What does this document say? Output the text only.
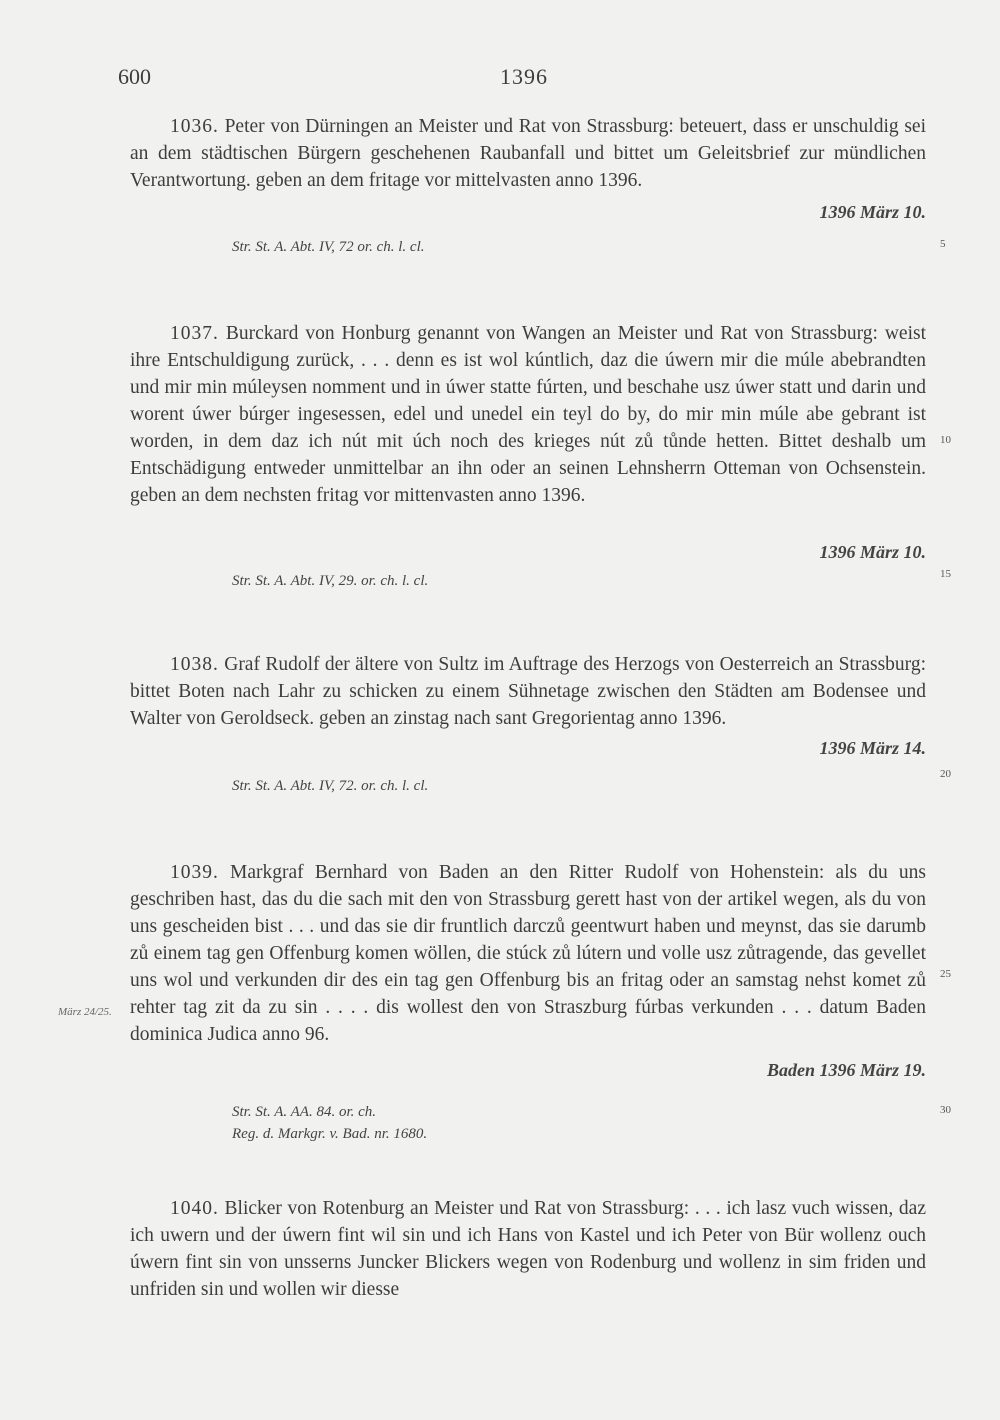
600	1396
1036. Peter von Dürningen an Meister und Rat von Strassburg: beteuert, dass er unschuldig sei an dem städtischen Bürgern geschehenen Raubanfall und bittet um Geleitsbrief zur mündlichen Verantwortung. geben an dem fritage vor mittelvasten anno 1396.
1396 März 10.
Str. St. A. Abt. IV, 72 or. ch. l. cl.
1037. Burckard von Honburg genannt von Wangen an Meister und Rat von Strassburg: weist ihre Entschuldigung zurück, . . . denn es ist wol kúntlich, daz die úwern mir die múle abebrandten und mir min múleysen nomment und in úwer statte fúrten, und beschahe usz úwer statt und darin und worent úwer búrger ingesessen, edel und unedel ein teyl do by, do mir min múle abe gebrant ist worden, in dem daz ich nút mit úch noch des krieges nút zů tůnde hetten. Bittet deshalb um Entschädigung entweder unmittelbar an ihn oder an seinen Lehnsherrn Otteman von Ochsenstein. geben an dem nechsten fritag vor mittenvasten anno 1396.
1396 März 10.
Str. St. A. Abt. IV, 29. or. ch. l. cl.
1038. Graf Rudolf der ältere von Sultz im Auftrage des Herzogs von Oesterreich an Strassburg: bittet Boten nach Lahr zu schicken zu einem Sühnetage zwischen den Städten am Bodensee und Walter von Geroldseck. geben an zinstag nach sant Gregorientag anno 1396.
1396 März 14.
Str. St. A. Abt. IV, 72. or. ch. l. cl.
1039. Markgraf Bernhard von Baden an den Ritter Rudolf von Hohenstein: als du uns geschriben hast, das du die sach mit den von Strassburg gerett hast von der artikel wegen, als du von uns gescheiden bist . . . und das sie dir fruntlich darczů geentwurt haben und meynst, das sie darumb zů einem tag gen Offenburg komen wöllen, die stúck zů lútern und volle usz zůtragende, das gevellet uns wol und verkunden dir des ein tag gen Offenburg bis an fritag oder an samstag nehst komet zů rehter tag zit da zu sin . . . . dis wollest den von Straszburg fúrbas verkunden . . . datum Baden dominica Judica anno 96.
Baden 1396 März 19.
Str. St. A. AA. 84. or. ch.
Reg. d. Markgr. v. Bad. nr. 1680.
März 24/25.
1040. Blicker von Rotenburg an Meister und Rat von Strassburg: . . . ich lasz vuch wissen, daz ich uwern und der úwern fint wil sin und ich Hans von Kastel und ich Peter von Bür wollenz ouch úwern fint sin von unsserns Juncker Blickers wegen von Rodenburg und wollenz in sim friden und unfriden sin und wollen wir diesse
5
10
15
20
25
30
